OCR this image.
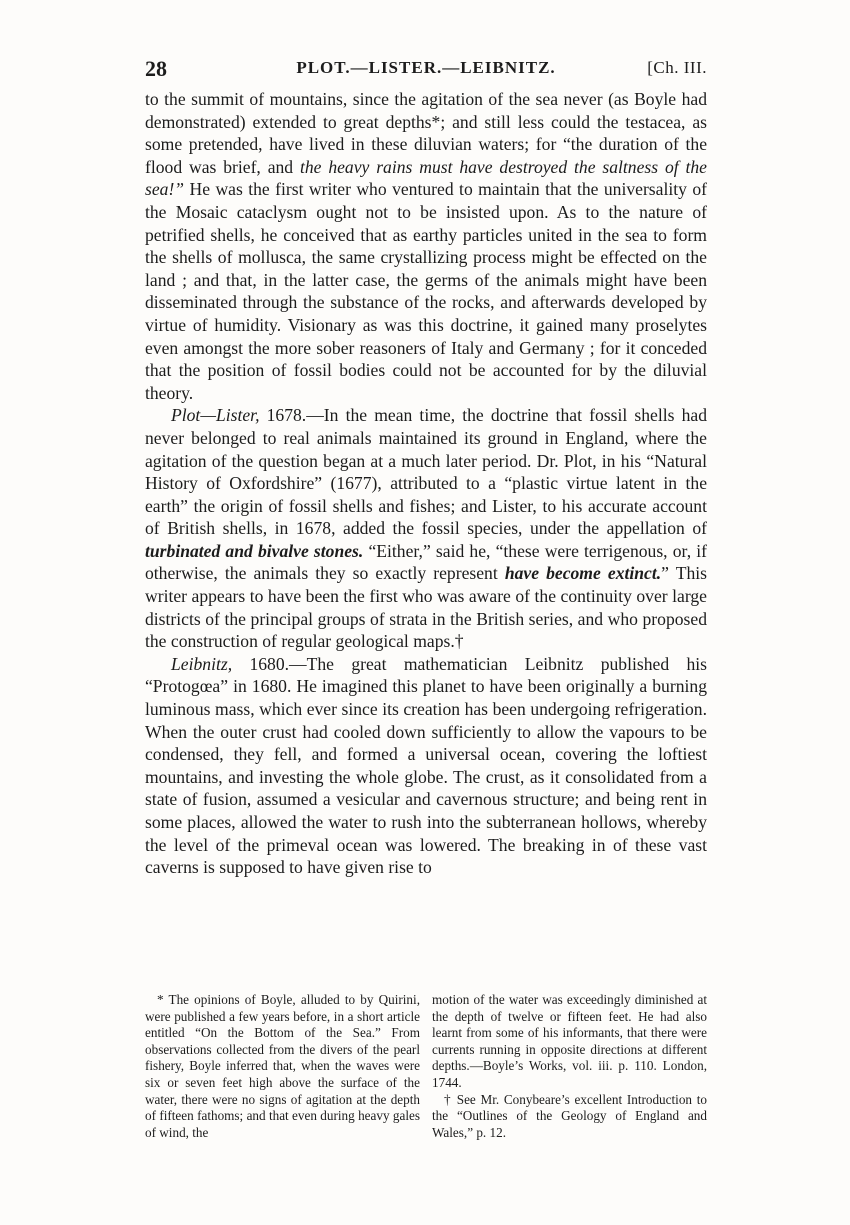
28	PLOT.—LISTER.—LEIBNITZ.	[Ch. III.

to the summit of mountains, since the agitation of the sea never (as Boyle had demonstrated) extended to great depths*; and still less could the testacea, as some pretended, have lived in these diluvian waters; for “the duration of the flood was brief, and the heavy rains must have destroyed the saltness of the sea!” He was the first writer who ventured to maintain that the universality of the Mosaic cataclysm ought not to be insisted upon. As to the nature of petrified shells, he conceived that as earthy particles united in the sea to form the shells of mollusca, the same crystallizing process might be effected on the land ; and that, in the latter case, the germs of the animals might have been disseminated through the substance of the rocks, and afterwards developed by virtue of humidity. Visionary as was this doctrine, it gained many proselytes even amongst the more sober reasoners of Italy and Germany ; for it conceded that the position of fossil bodies could not be accounted for by the diluvial theory.

Plot—Lister, 1678.—In the mean time, the doctrine that fossil shells had never belonged to real animals maintained its ground in England, where the agitation of the question began at a much later period. Dr. Plot, in his “Natural History of Oxfordshire” (1677), attributed to a “plastic virtue latent in the earth” the origin of fossil shells and fishes; and Lister, to his accurate account of British shells, in 1678, added the fossil species, under the appellation of turbinated and bivalve stones. “Either,” said he, “these were terrigenous, or, if otherwise, the animals they so exactly represent have become extinct.” This writer appears to have been the first who was aware of the continuity over large districts of the principal groups of strata in the British series, and who proposed the construction of regular geological maps.†

Leibnitz, 1680.—The great mathematician Leibnitz published his “Protogœa” in 1680. He imagined this planet to have been originally a burning luminous mass, which ever since its creation has been undergoing refrigeration. When the outer crust had cooled down sufficiently to allow the vapours to be condensed, they fell, and formed a universal ocean, covering the loftiest mountains, and investing the whole globe. The crust, as it consolidated from a state of fusion, assumed a vesicular and cavernous structure; and being rent in some places, allowed the water to rush into the subterranean hollows, whereby the level of the primeval ocean was lowered. The breaking in of these vast caverns is supposed to have given rise to

* The opinions of Boyle, alluded to by Quirini, were published a few years before, in a short article entitled “On the Bottom of the Sea.” From observations collected from the divers of the pearl fishery, Boyle inferred that, when the waves were six or seven feet high above the surface of the water, there were no signs of agitation at the depth of fifteen fathoms; and that even during heavy gales of wind, the

motion of the water was exceedingly diminished at the depth of twelve or fifteen feet. He had also learnt from some of his informants, that there were currents running in opposite directions at different depths.—Boyle’s Works, vol. iii. p. 110. London, 1744.

† See Mr. Conybeare’s excellent Introduction to the “Outlines of the Geology of England and Wales,” p. 12.
